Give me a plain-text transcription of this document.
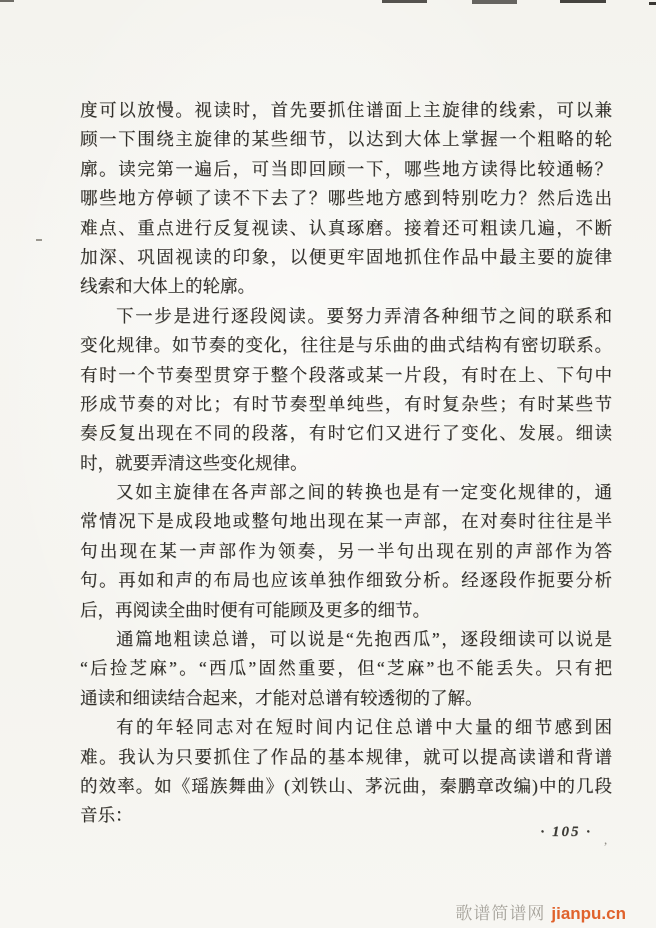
度可以放慢。视读时，首先要抓住谱面上主旋律的线索，可以兼
顾一下围绕主旋律的某些细节，以达到大体上掌握一个粗略的轮
廓。读完第一遍后，可当即回顾一下，哪些地方读得比较通畅？
哪些地方停顿了读不下去了？哪些地方感到特别吃力？然后选出
难点、重点进行反复视读、认真琢磨。接着还可粗读几遍，不断
加深、巩固视读的印象，以便更牢固地抓住作品中最主要的旋律
线索和大体上的轮廓。
下一步是进行逐段阅读。要努力弄清各种细节之间的联系和
变化规律。如节奏的变化，往往是与乐曲的曲式结构有密切联系。
有时一个节奏型贯穿于整个段落或某一片段，有时在上、下句中
形成节奏的对比；有时节奏型单纯些，有时复杂些；有时某些节
奏反复出现在不同的段落，有时它们又进行了变化、发展。细读
时，就要弄清这些变化规律。
又如主旋律在各声部之间的转换也是有一定变化规律的，通
常情况下是成段地或整句地出现在某一声部，在对奏时往往是半
句出现在某一声部作为领奏，另一半句出现在别的声部作为答
句。再如和声的布局也应该单独作细致分析。经逐段作扼要分析
后，再阅读全曲时便有可能顾及更多的细节。
通篇地粗读总谱，可以说是“先抱西瓜”，逐段细读可以说是
“后捡芝麻”。“西瓜”固然重要，但“芝麻”也不能丢失。只有把
通读和细读结合起来，才能对总谱有较透彻的了解。
有的年轻同志对在短时间内记住总谱中大量的细节感到困
难。我认为只要抓住了作品的基本规律，就可以提高读谱和背谱
的效率。如《瑶族舞曲》(刘铁山、茅沅曲，秦鹏章改编)中的几段
音乐：
· 105 · ,
歌谱简谱网 jianpu.cn
